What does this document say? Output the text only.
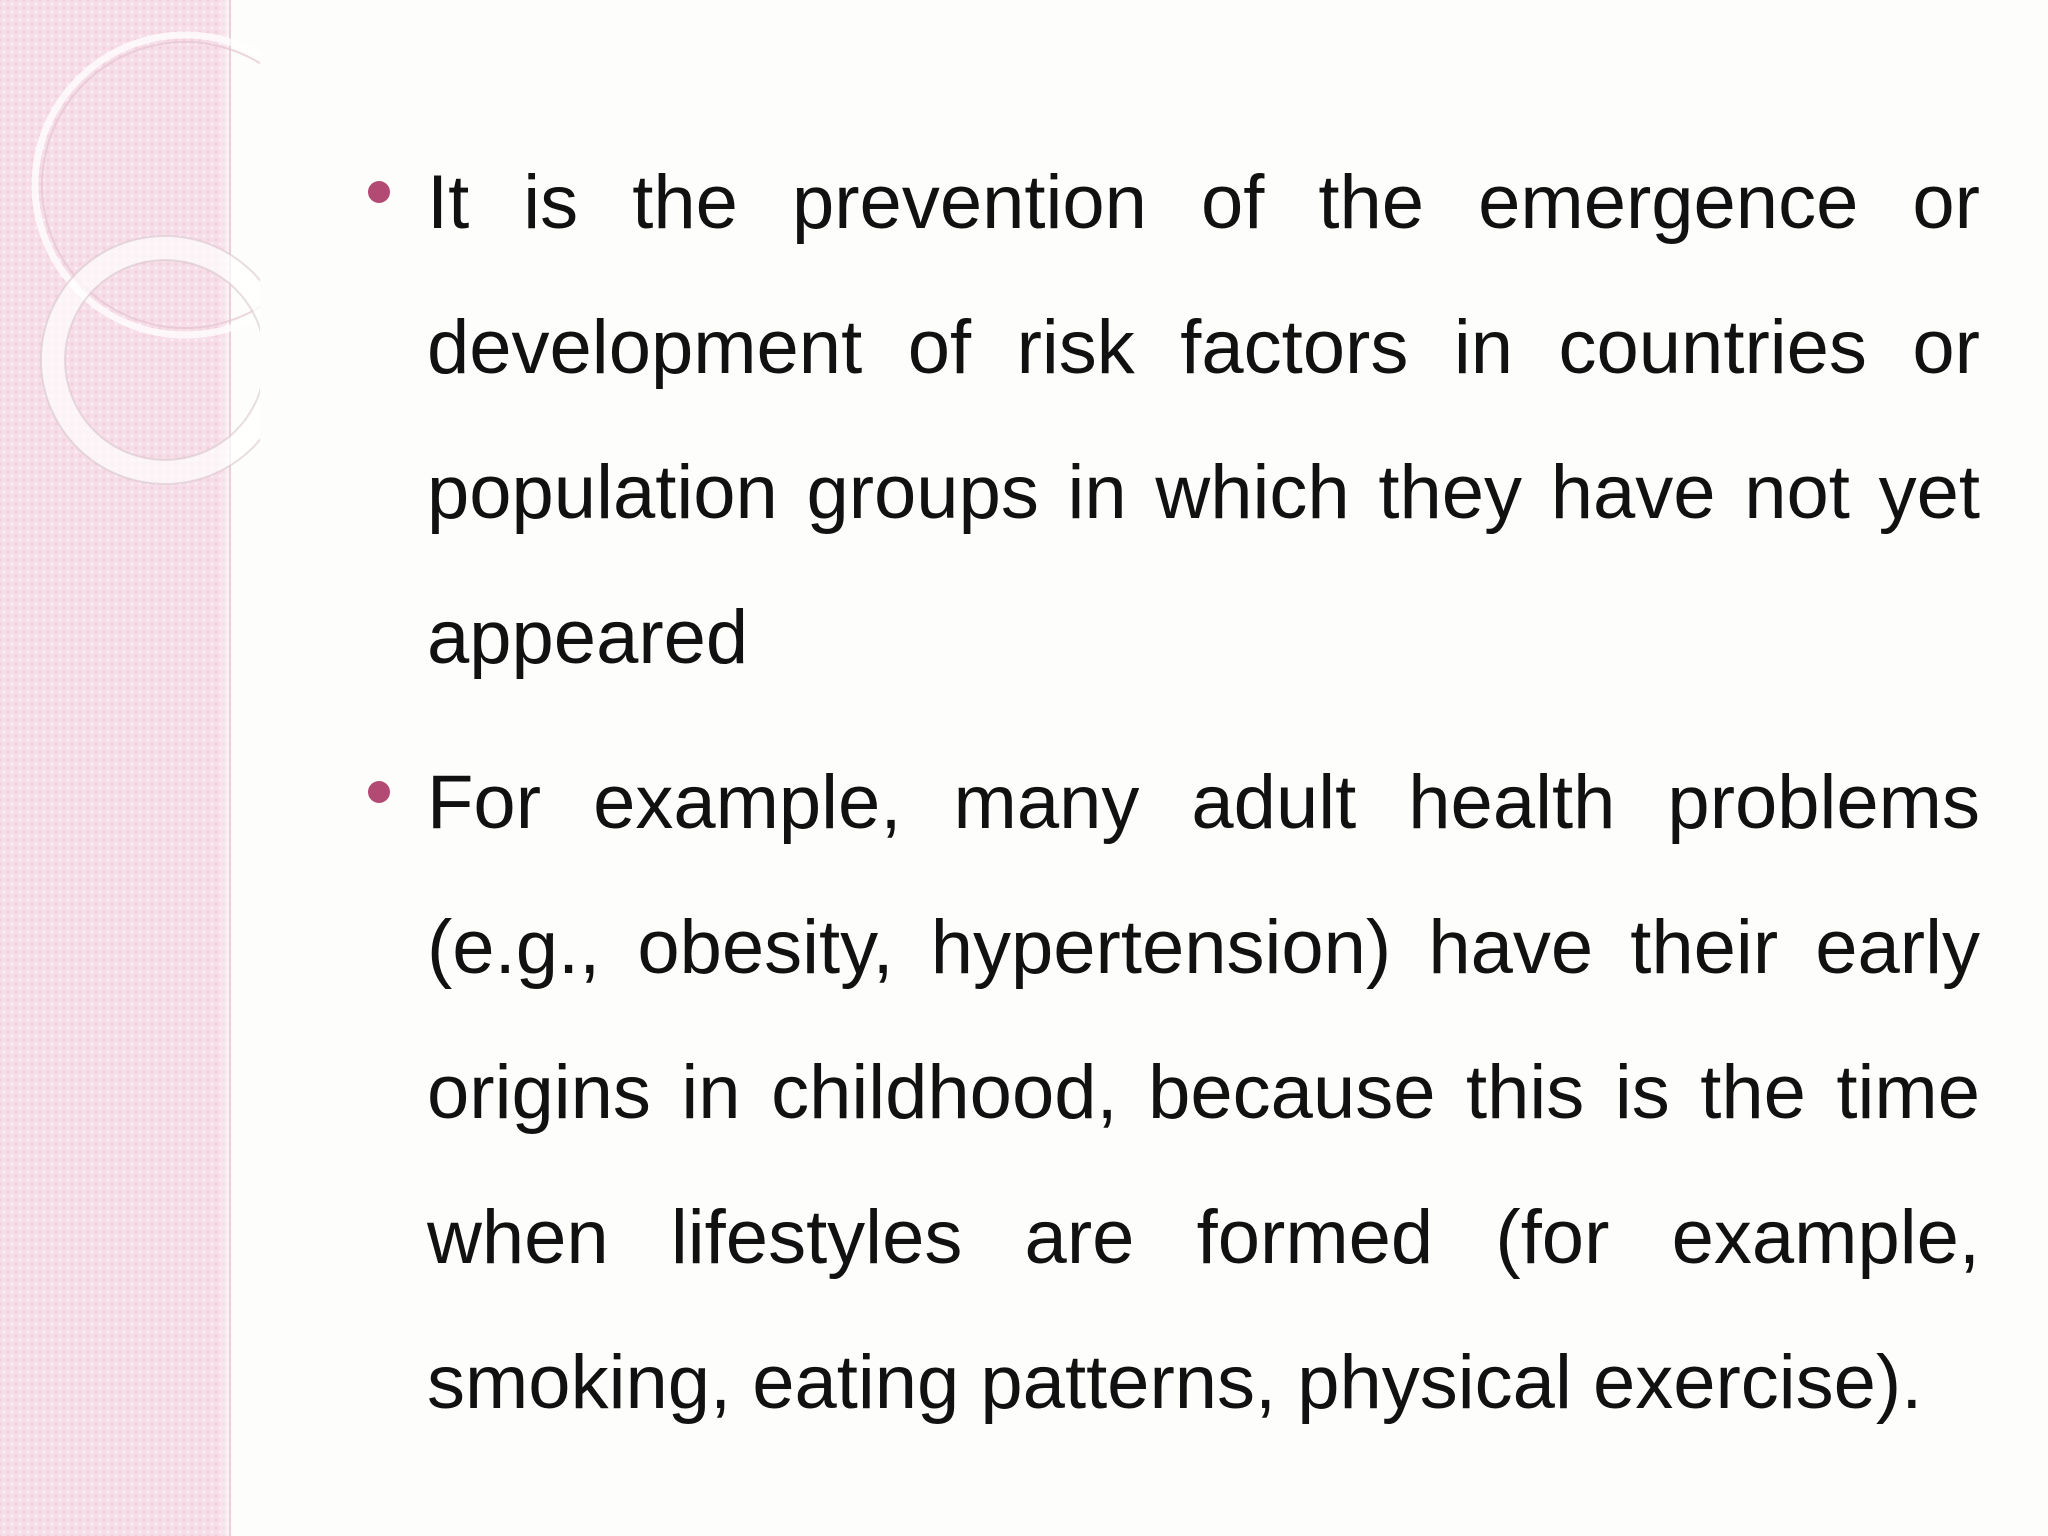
It is the prevention of the emergence or development of risk factors in countries or population groups in which they have not yet appeared

For example, many adult health problems (e.g., obesity, hypertension) have their early origins in childhood, because this is the time when lifestyles are formed (for example, smoking, eating patterns, physical exercise).
